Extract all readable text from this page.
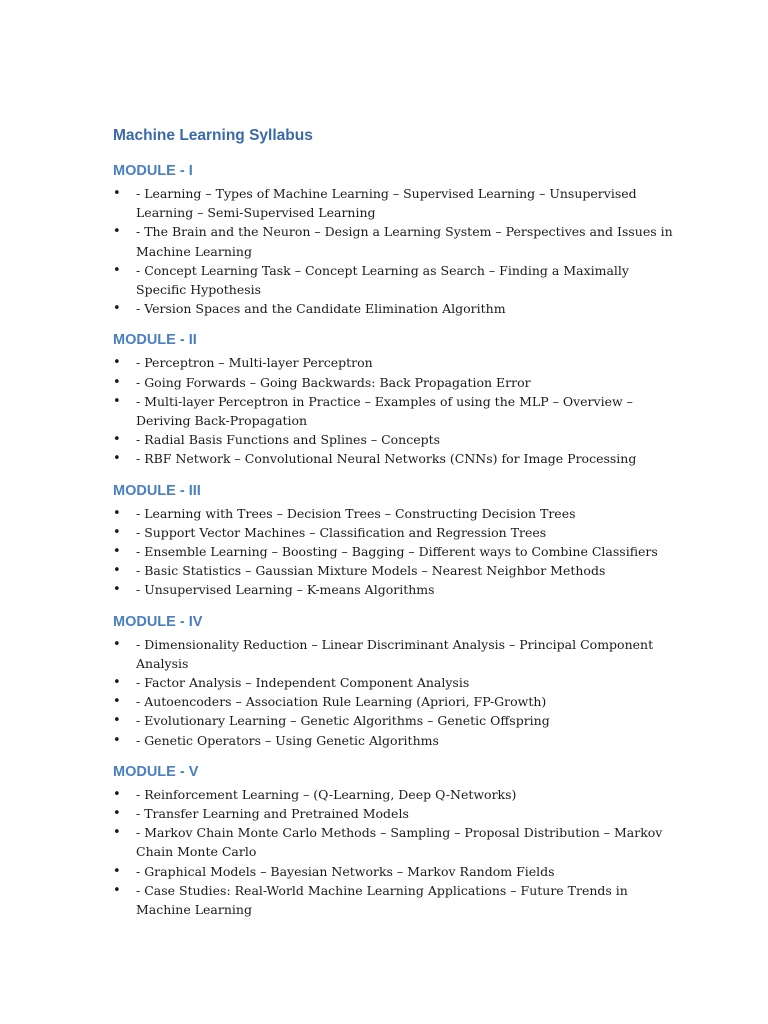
Machine Learning Syllabus
MODULE - I
• - Learning – Types of Machine Learning – Supervised Learning – Unsupervised Learning – Semi-Supervised Learning
• - The Brain and the Neuron – Design a Learning System – Perspectives and Issues in Machine Learning
• - Concept Learning Task – Concept Learning as Search – Finding a Maximally Specific Hypothesis
• - Version Spaces and the Candidate Elimination Algorithm
MODULE - II
• - Perceptron – Multi-layer Perceptron
• - Going Forwards – Going Backwards: Back Propagation Error
• - Multi-layer Perceptron in Practice – Examples of using the MLP – Overview – Deriving Back-Propagation
• - Radial Basis Functions and Splines – Concepts
• - RBF Network – Convolutional Neural Networks (CNNs) for Image Processing
MODULE - III
• - Learning with Trees – Decision Trees – Constructing Decision Trees
• - Support Vector Machines – Classification and Regression Trees
• - Ensemble Learning – Boosting – Bagging – Different ways to Combine Classifiers
• - Basic Statistics – Gaussian Mixture Models – Nearest Neighbor Methods
• - Unsupervised Learning – K-means Algorithms
MODULE - IV
• - Dimensionality Reduction – Linear Discriminant Analysis – Principal Component Analysis
• - Factor Analysis – Independent Component Analysis
• - Autoencoders – Association Rule Learning (Apriori, FP-Growth)
• - Evolutionary Learning – Genetic Algorithms – Genetic Offspring
• - Genetic Operators – Using Genetic Algorithms
MODULE - V
• - Reinforcement Learning – (Q-Learning, Deep Q-Networks)
• - Transfer Learning and Pretrained Models
• - Markov Chain Monte Carlo Methods – Sampling – Proposal Distribution – Markov Chain Monte Carlo
• - Graphical Models – Bayesian Networks – Markov Random Fields
• - Case Studies: Real-World Machine Learning Applications – Future Trends in Machine Learning
